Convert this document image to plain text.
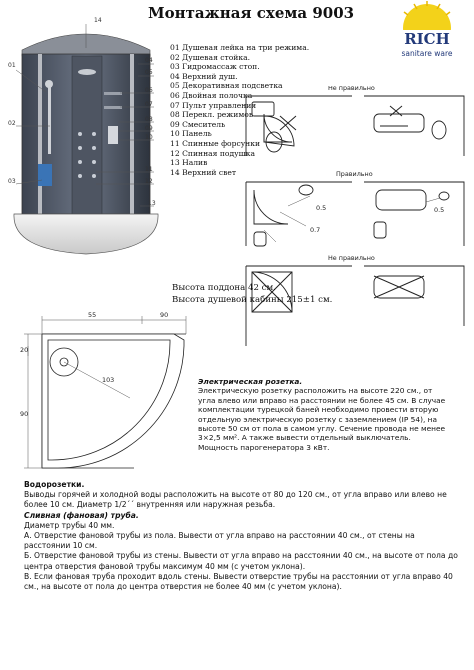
Монтажная схема 9003
RICH
sanitare ware
14
01
02
03
04
05
06
07
08
09
10
11
12
13
01 Душевая лейка на три режима.
02 Душевая стойка.
03 Гидромассаж стоп.
04 Верхний душ.
05 Декоративная подсветка
06 Двойная полочка
07 Пульт управления
08 Перекл. режимов
09 Смеситель
10 Панель
11 Спинные форсунки
12 Спинная подушка
13 Налив
14 Верхний свет
Не правильно
Правильно
Не правильно
0.5	0.5
0.7
Высота поддона 42 см.
Высота душевой кабины 215±1 см.
55	90
20
90
103	Электрическая розетка.
Электрическую розетку расположить на высоте 220 см., от
угла влево или вправо на расстоянии не более 45 см. В случае
комплектации турецкой баней необходимо провести вторую
отдельную электрическую розетку с заземлением (IP 54), на
высоте 50 см от пола в самом углу. Сечение провода не менее
3×2,5 мм². А также вывести отдельный выключатель.
Мощность парогенератора 3 кВт.
Водорозетки.
Выводы горячей и холодной воды расположить на высоте от 80 до 120 см., от угла вправо или влево не
более 10 см. Диаметр 1/2´´ внутренняя или наружная резьба.
Сливная (фановая) труба.
Диаметр трубы 40 мм.
А. Отверстие фановой трубы из пола. Вывести от угла вправо на расстоянии 40 см., от стены на
расстоянии 10 см.
Б. Отверстие фановой трубы из стены. Вывести от угла вправо на расстоянии 40 см., на высоте от пола до
центра отверстия фановой трубы максимум 40 мм (с учетом уклона).
В. Если фановая труба проходит вдоль стены. Вывести отверстие трубы на расстоянии от угла вправо 40
см., на высоте от пола до центра отверстия не более 40 мм (с учетом уклона).
